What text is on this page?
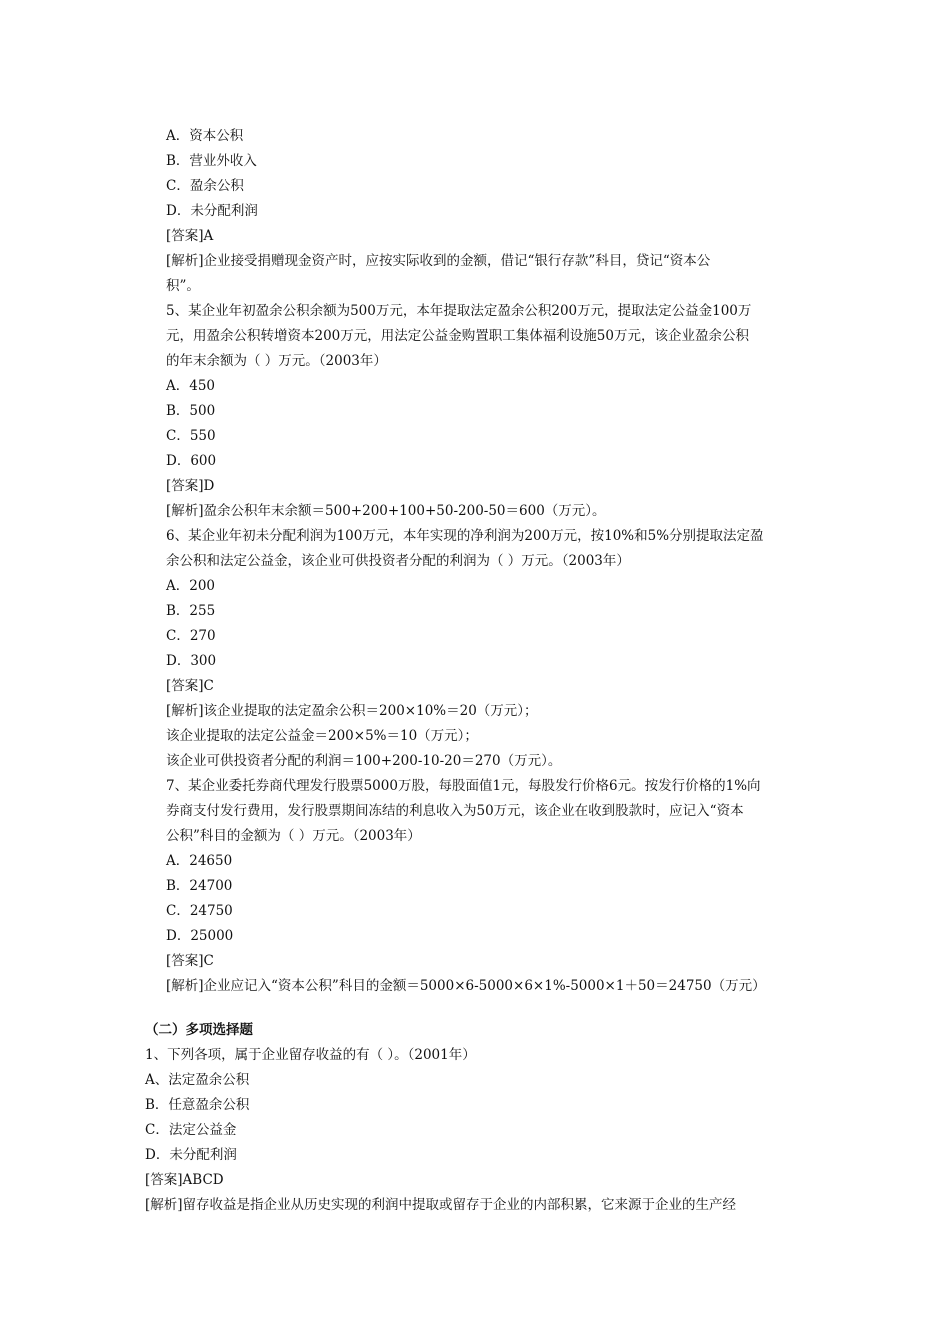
A．资本公积
B．营业外收入
C．盈余公积
D．未分配利润
[答案]A
[解析]企业接受捐赠现金资产时，应按实际收到的金额，借记“银行存款”科目，贷记“资本公
积”。
5、某企业年初盈余公积余额为500万元，本年提取法定盈余公积200万元，提取法定公益金100万
元，用盈余公积转增资本200万元，用法定公益金购置职工集体福利设施50万元，该企业盈余公积
的年末余额为（ ）万元。（2003年）
A．450
B．500
C．550
D．600
[答案]D
[解析]盈余公积年末余额＝500+200+100+50-200-50＝600（万元）。
6、某企业年初未分配利润为100万元，本年实现的净利润为200万元，按10%和5%分别提取法定盈
余公积和法定公益金，该企业可供投资者分配的利润为（ ）万元。（2003年）
A．200
B．255
C．270
D．300
[答案]C
[解析]该企业提取的法定盈余公积＝200×10%＝20（万元）；
该企业提取的法定公益金＝200×5%＝10（万元）；
该企业可供投资者分配的利润＝100+200-10-20＝270（万元）。
7、某企业委托券商代理发行股票5000万股，每股面值1元，每股发行价格6元。按发行价格的1%向
券商支付发行费用，发行股票期间冻结的利息收入为50万元，该企业在收到股款时，应记入“资本
公积”科目的金额为（ ）万元。（2003年）
A．24650
B．24700
C．24750
D．25000
[答案]C
[解析]企业应记入“资本公积”科目的金额＝5000×6-5000×6×1%-5000×1＋50＝24750（万元）
（二）多项选择题
1、下列各项，属于企业留存收益的有（ ）。（2001年）
A、法定盈余公积
B．任意盈余公积
C．法定公益金
D．未分配利润
[答案]ABCD
[解析]留存收益是指企业从历史实现的利润中提取或留存于企业的内部积累，它来源于企业的生产经
